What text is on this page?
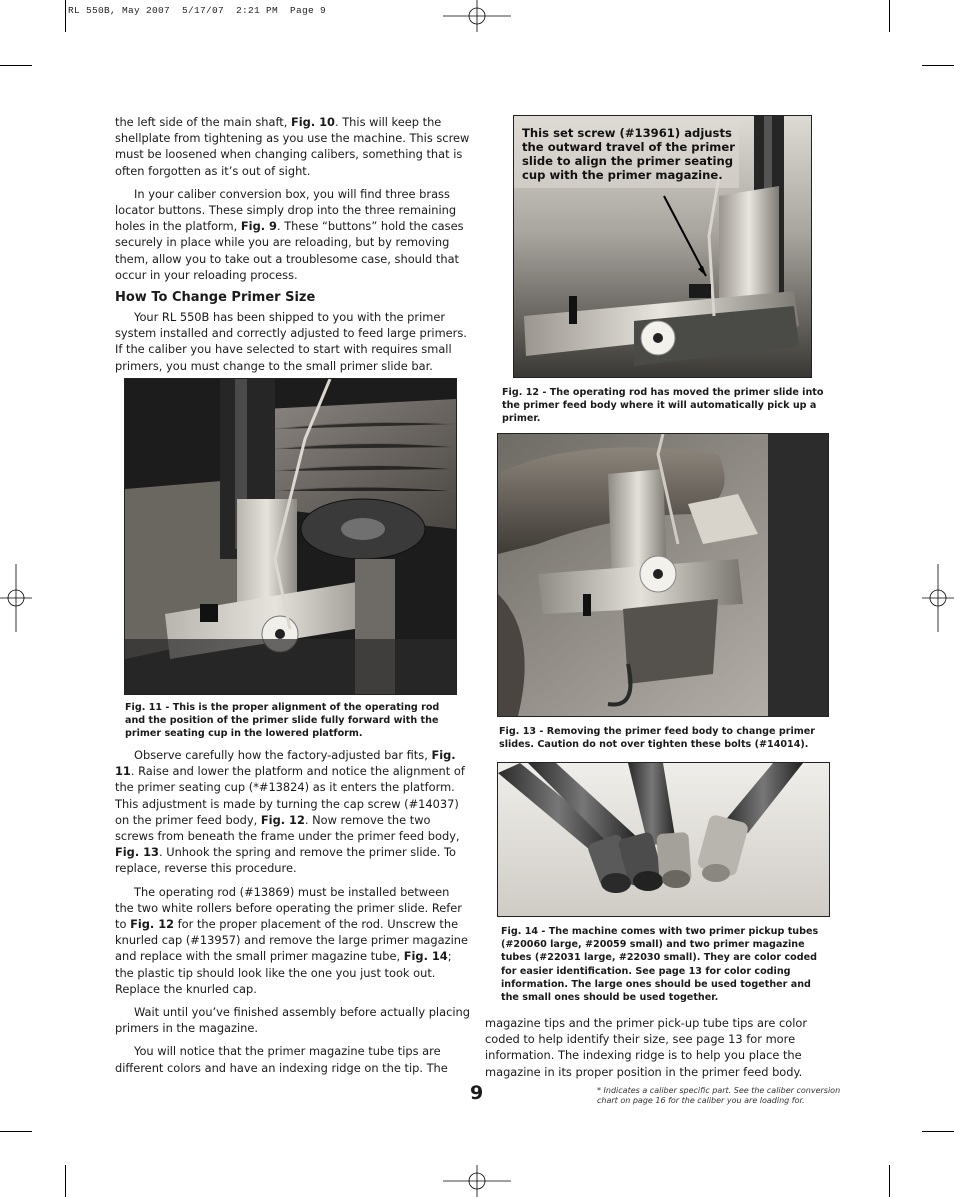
RL 550B, May 2007  5/17/07  2:21 PM  Page 9

the left side of the main shaft, Fig. 10. This will keep the shellplate from tightening as you use the machine. This screw must be loosened when changing calibers, something that is often forgotten as it’s out of sight.

In your caliber conversion box, you will find three brass locator buttons. These simply drop into the three remaining holes in the platform, Fig. 9. These “buttons” hold the cases securely in place while you are reloading, but by removing them, allow you to take out a troublesome case, should that occur in your reloading process.

How To Change Primer Size

Your RL 550B has been shipped to you with the primer system installed and correctly adjusted to feed large primers. If the caliber you have selected to start with requires small primers, you must change to the small primer slide bar.

Fig. 11 - This is the proper alignment of the operating rod and the position of the primer slide fully forward with the primer seating cup in the lowered platform.

Observe carefully how the factory-adjusted bar fits, Fig. 11. Raise and lower the platform and notice the alignment of the primer seating cup (*#13824) as it enters the platform. This adjustment is made by turning the cap screw (#14037) on the primer feed body, Fig. 12. Now remove the two screws from beneath the frame under the primer feed body, Fig. 13. Unhook the spring and remove the primer slide. To replace, reverse this procedure.

The operating rod (#13869) must be installed between the two white rollers before operating the primer slide. Refer to Fig. 12 for the proper placement of the rod. Unscrew the knurled cap (#13957) and remove the large primer magazine and replace with the small primer magazine tube, Fig. 14; the plastic tip should look like the one you just took out. Replace the knurled cap.

Wait until you’ve finished assembly before actually placing primers in the magazine.

You will notice that the primer magazine tube tips are different colors and have an indexing ridge on the tip. The

This set screw (#13961) adjusts the outward travel of the primer slide to align the primer seating cup with the primer magazine.
Fig. 12 - The operating rod has moved the primer slide into the primer feed body where it will automatically pick up a primer.
Fig. 13 - Removing the primer feed body to change primer slides. Caution do not over tighten these bolts (#14014).
Fig. 14 - The machine comes with two primer pickup tubes (#20060 large, #20059 small) and two primer magazine tubes (#22031 large, #22030 small). They are color coded for easier identification. See page 13 for color coding information. The large ones should be used together and the small ones should be used together.

magazine tips and the primer pick-up tube tips are color coded to help identify their size, see page 13 for more information. The indexing ridge is to help you place the magazine in its proper position in the primer feed body.

9	* Indicates a caliber specific part. See the caliber conversion chart on page 16 for the caliber you are loading for.
